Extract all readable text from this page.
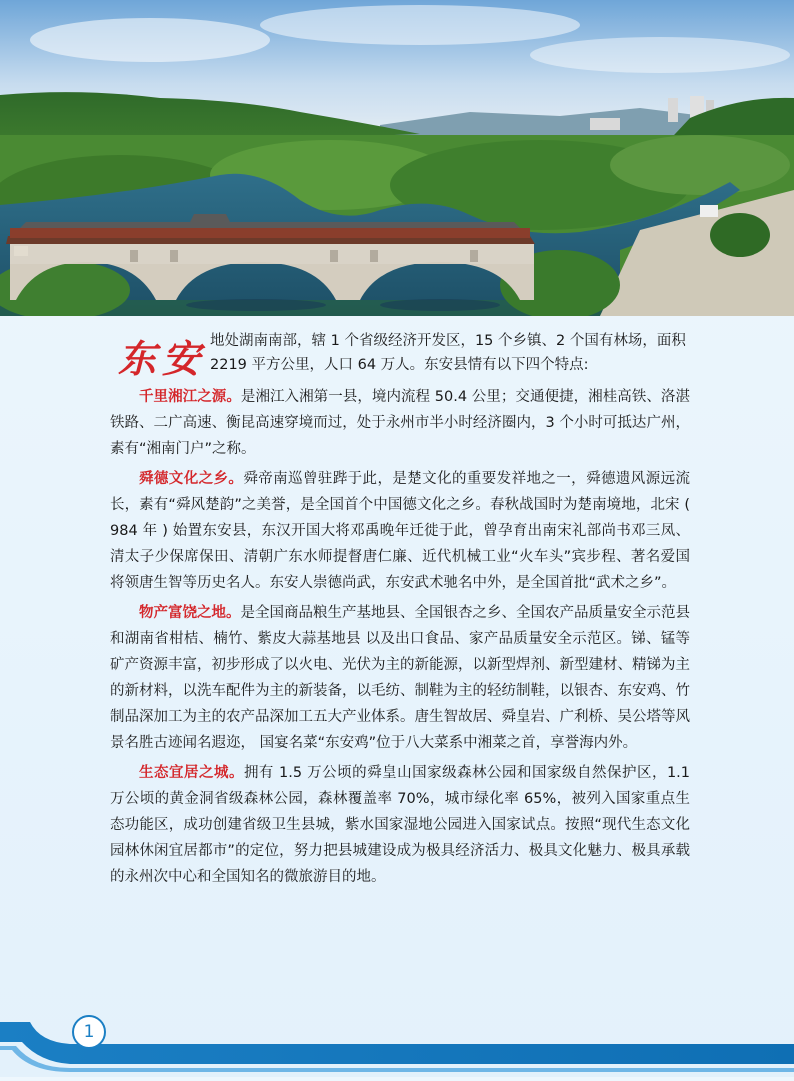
东安 地处湖南南部，辖 1 个省级经济开发区，15 个乡镇、2 个国有林场，面积 2219 平方公里，人口 64 万人。东安县情有以下四个特点:

千里湘江之源。是湘江入湘第一县，境内流程 50.4 公里；交通便捷，湘桂高铁、洛湛铁路、二广高速、衡昆高速穿境而过，处于永州市半小时经济圈内，3 个小时可抵达广州，素有“湘南门户”之称。

舜德文化之乡。舜帝南巡曾驻跸于此，是楚文化的重要发祥地之一，舜德遗风源远流长，素有“舜风楚韵”之美誉，是全国首个中国德文化之乡。春秋战国时为楚南境地，北宋 ( 984 年 ) 始置东安县，东汉开国大将邓禹晚年迁徙于此，曾孕育出南宋礼部尚书邓三凤、清太子少保席保田、清朝广东水师提督唐仁廉、近代机械工业“火车头”宾步程、著名爱国将领唐生智等历史名人。东安人崇德尚武，东安武术驰名中外，是全国首批“武术之乡”。

物产富饶之地。是全国商品粮生产基地县、全国银杏之乡、全国农产品质量安全示范县和湖南省柑桔、楠竹、紫皮大蒜基地县 以及出口食品、家产品质量安全示范区。锑、锰等矿产资源丰富，初步形成了以火电、光伏为主的新能源，以新型焊剂、新型建材、精锑为主的新材料，以洗车配件为主的新装备，以毛纺、制鞋为主的轻纺制鞋，以银杏、东安鸡、竹制品深加工为主的农产品深加工五大产业体系。唐生智故居、舜皇岩、广利桥、吴公塔等风景名胜古迹闻名遐迩， 国宴名菜“东安鸡”位于八大菜系中湘菜之首，享誉海内外。

生态宜居之城。拥有 1.5 万公顷的舜皇山国家级森林公园和国家级自然保护区，1.1 万公顷的黄金洞省级森林公园，森林覆盖率 70%，城市绿化率 65%，被列入国家重点生态功能区，成功创建省级卫生县城，紫水国家湿地公园进入国家试点。按照“现代生态文化园林休闲宜居都市”的定位，努力把县城建设成为极具经济活力、极具文化魅力、极具承载的永州次中心和全国知名的微旅游目的地。

1
